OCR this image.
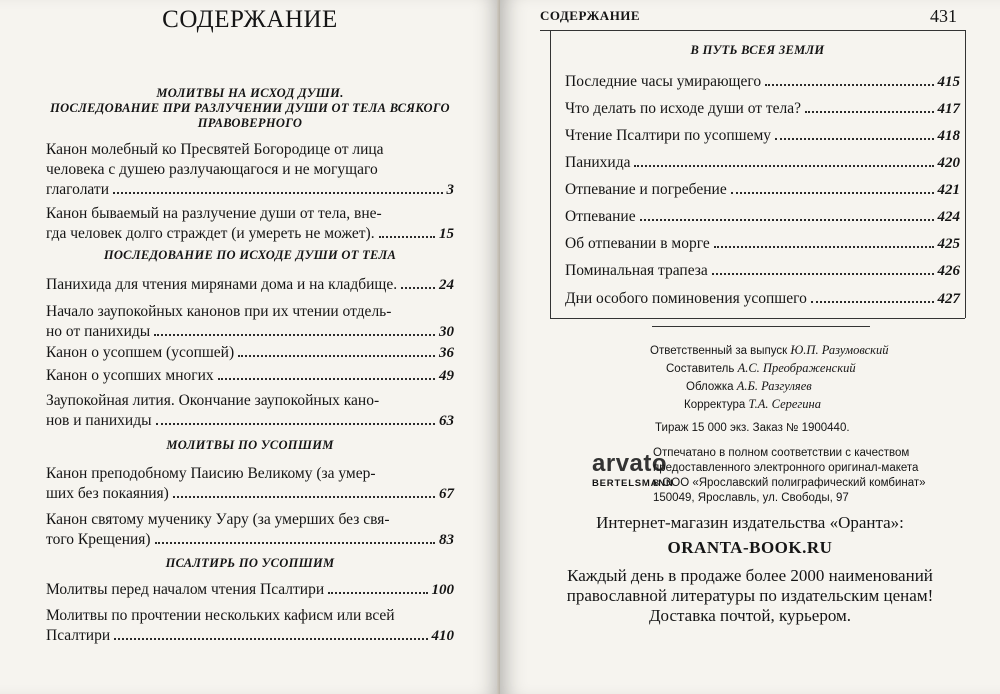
СОДЕРЖАНИЕ
МОЛИТВЫ НА ИСХОД ДУШИ.
ПОСЛЕДОВАНИЕ ПРИ РАЗЛУЧЕНИИ ДУШИ ОТ ТЕЛА ВСЯКОГО
ПРАВОВЕРНОГО
Канон молебный ко Пресвятей Богородице от лица
человека с душею разлучающагося и не могущаго
глаголати	3
Канон бываемый на разлучение души от тела, вне-
гда человек долго страждет (и умереть не может).	15
ПОСЛЕДОВАНИЕ ПО ИСХОДЕ ДУШИ ОТ ТЕЛА
Панихида для чтения мирянами дома и на кладбище.	24
Начало заупокойных канонов при их чтении отдель-
но от панихиды	30
Канон о усопшем (усопшей)	36
Канон о усопших многих	49
Заупокойная лития. Окончание заупокойных кано-
нов и панихиды	63
МОЛИТВЫ ПО УСОПШИМ
Канон преподобному Паисию Великому (за умер-
ших без покаяния)	67
Канон святому мученику Уару (за умерших без свя-
того Крещения)	83
ПСАЛТИРЬ ПО УСОПШИМ
Молитвы перед началом чтения Псалтири	100
Молитвы по прочтении нескольких кафисм или всей
Псалтири	410
СОДЕРЖАНИЕ	431
В ПУТЬ ВСЕЯ ЗЕМЛИ
Последние часы умирающего	415
Что делать по исходе души от тела?	417
Чтение Псалтири по усопшему	418
Панихида	420
Отпевание и погребение	421
Отпевание	424
Об отпевании в морге	425
Поминальная трапеза	426
Дни особого поминовения усопшего	427
Ответственный за выпуск Ю.П. Разумовский
Составитель А.С. Преображенский
Обложка А.Б. Разгуляев
Корректура Т.А. Серегина
Тираж 15 000 экз. Заказ № 1900440.
arvato
BERTELSMANN
Отпечатано в полном соответствии с качеством
предоставленного электронного оригинал-макета
в ООО «Ярославский полиграфический комбинат»
150049, Ярославль, ул. Свободы, 97
Интернет-магазин издательства «Оранта»:
ORANTA-BOOK.RU
Каждый день в продаже более 2000 наименований
православной литературы по издательским ценам!
Доставка почтой, курьером.
